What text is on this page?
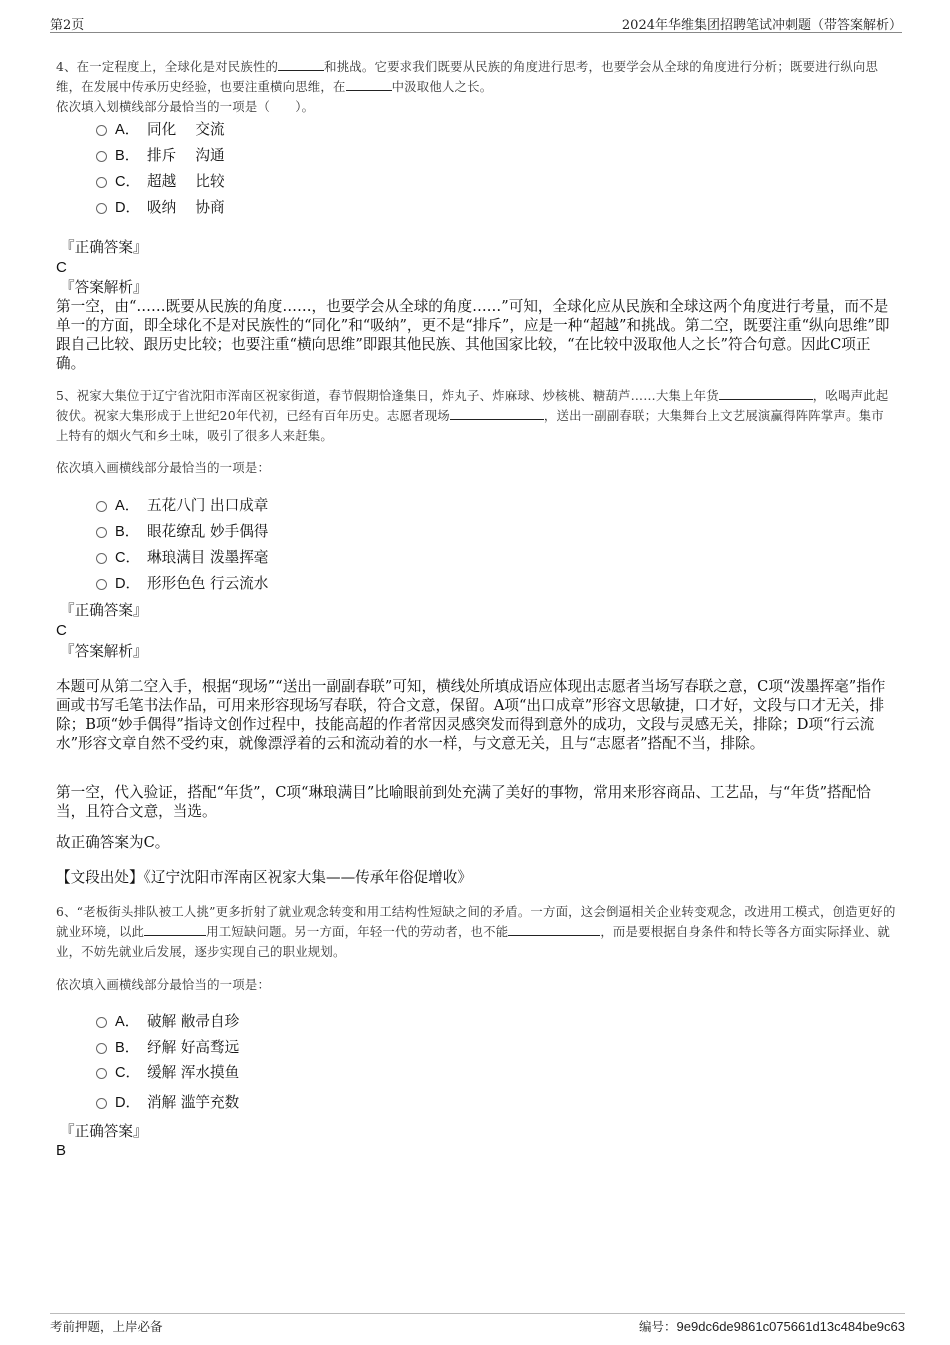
第2页	2024年华维集团招聘笔试冲刺题（带答案解析）

4、在一定程度上，全球化是对民族性的	和挑战。它要求我们既要从民族的角度进行思考，也要学会从全球的角度进行分析；既要进行纵向思维，在发展中传承历史经验，也要注重横向思维，在	中汲取他人之长。

依次填入划横线部分最恰当的一项是（　　）。

A． 同化　 交流
B． 排斥　 沟通
C． 超越　 比较
D． 吸纳　 协商
『正确答案』
C
『答案解析』
第一空，由“……既要从民族的角度……，也要学会从全球的角度……”可知，全球化应从民族和全球这两个角度进行考量，而不是单一的方面，即全球化不是对民族性的“同化”和“吸纳”，更不是“排斥”，应是一种“超越”和挑战。第二空，既要注重“纵向思维”即跟自己比较、跟历史比较；也要注重“横向思维”即跟其他民族、其他国家比较，“在比较中汲取他人之长”符合句意。因此C项正确。

5、祝家大集位于辽宁省沈阳市浑南区祝家街道，春节假期恰逢集日，炸丸子、炸麻球、炒核桃、糖葫芦……大集上年货	，吆喝声此起彼伏。祝家大集形成于上世纪20年代初，已经有百年历史。志愿者现场	，送出一副副春联；大集舞台上文艺展演赢得阵阵掌声。集市上特有的烟火气和乡土味，吸引了很多人来赶集。

依次填入画横线部分最恰当的一项是：
A． 五花八门 出口成章
B． 眼花缭乱 妙手偶得
C． 琳琅满目 泼墨挥毫
D． 形形色色 行云流水
『正确答案』
C
『答案解析』
本题可从第二空入手，根据“现场”“送出一副副春联”可知，横线处所填成语应体现出志愿者当场写春联之意，C项“泼墨挥毫”指作画或书写毛笔书法作品，可用来形容现场写春联，符合文意，保留。A项“出口成章”形容文思敏捷，口才好，文段与口才无关，排除；B项“妙手偶得”指诗文创作过程中，技能高超的作者常因灵感突发而得到意外的成功，文段与灵感无关，排除；D项“行云流水”形容文章自然不受约束，就像漂浮着的云和流动着的水一样，与文意无关，且与“志愿者”搭配不当，排除。
第一空，代入验证，搭配“年货”，C项“琳琅满目”比喻眼前到处充满了美好的事物，常用来形容商品、工艺品，与“年货”搭配恰当，且符合文意，当选。
故正确答案为C。
【文段出处】《辽宁沈阳市浑南区祝家大集——传承年俗促增收》

6、“老板街头排队被工人挑”更多折射了就业观念转变和用工结构性短缺之间的矛盾。一方面，这会倒逼相关企业转变观念，改进用工模式，创造更好的就业环境，以此	用工短缺问题。另一方面，年轻一代的劳动者，也不能	，而是要根据自身条件和特长等各方面实际择业、就业，不妨先就业后发展，逐步实现自己的职业规划。

依次填入画横线部分最恰当的一项是：
A． 破解 敝帚自珍
B． 纾解 好高骛远
C． 缓解 浑水摸鱼
D． 消解 滥竽充数
『正确答案』
B
考前押题，上岸必备	编号：9e9dc6de9861c075661d13c484be9c63
